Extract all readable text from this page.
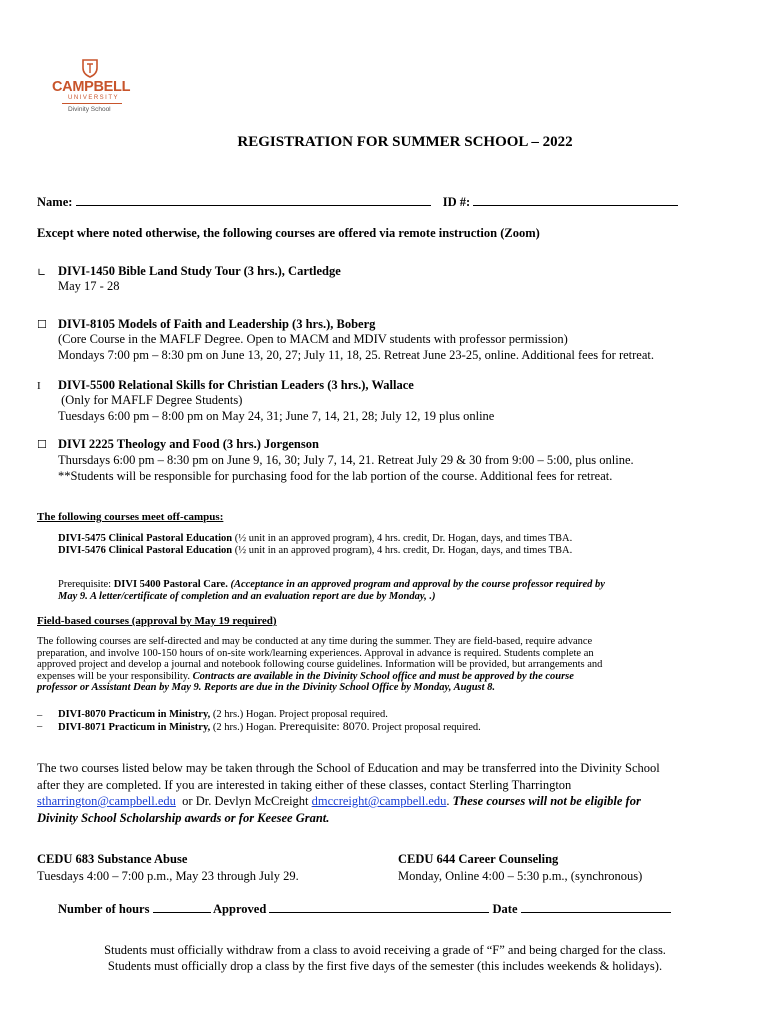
CAMPBELL
UNIVERSITY
Divinity School
REGISTRATION FOR SUMMER SCHOOL – 2022
Name:	ID #:
Except where noted otherwise, the following courses are offered via remote instruction (Zoom)
∟ DIVI-1450 Bible Land Study Tour (3 hrs.), Cartledge
May 17 - 28
☐ DIVI-8105 Models of Faith and Leadership (3 hrs.), Boberg
(Core Course in the MAFLF Degree. Open to MACM and MDIV students with professor permission)
Mondays 7:00 pm – 8:30 pm on June 13, 20, 27; July 11, 18, 25. Retreat June 23-25, online. Additional fees for retreat.
I DIVI-5500 Relational Skills for Christian Leaders (3 hrs.), Wallace
(Only for MAFLF Degree Students)
Tuesdays 6:00 pm – 8:00 pm on May 24, 31; June 7, 14, 21, 28; July 12, 19 plus online
☐ DIVI 2225 Theology and Food (3 hrs.) Jorgenson
Thursdays 6:00 pm – 8:30 pm on June 9, 16, 30; July 7, 14, 21. Retreat July 29 & 30 from 9:00 – 5:00, plus online.
**Students will be responsible for purchasing food for the lab portion of the course. Additional fees for retreat.
The following courses meet off-campus:
DIVI-5475 Clinical Pastoral Education (½ unit in an approved program), 4 hrs. credit, Dr. Hogan, days, and times TBA.
DIVI-5476 Clinical Pastoral Education (½ unit in an approved program), 4 hrs. credit, Dr. Hogan, days, and times TBA.
Prerequisite: DIVI 5400 Pastoral Care. (Acceptance in an approved program and approval by the course professor required by
May 9. A letter/certificate of completion and an evaluation report are due by Monday, .)
Field-based courses (approval by May 19 required)
The following courses are self-directed and may be conducted at any time during the summer. They are field-based, require advance
preparation, and involve 100-150 hours of on-site work/learning experiences. Approval in advance is required. Students complete an
approved project and develop a journal and notebook following course guidelines. Information will be provided, but arrangements and
expenses will be your responsibility. Contracts are available in the Divinity School office and must be approved by the course
professor or Assistant Dean by May 9. Reports are due in the Divinity School Office by Monday, August 8.
– DIVI-8070 Practicum in Ministry, (2 hrs.) Hogan. Project proposal required.
– DIVI-8071 Practicum in Ministry, (2 hrs.) Hogan. Prerequisite: 8070. Project proposal required.
The two courses listed below may be taken through the School of Education and may be transferred into the Divinity School
after they are completed. If you are interested in taking either of these classes, contact Sterling Tharrington
stharrington@campbell.edu  or Dr. Devlyn McCreight dmccreight@campbell.edu. These courses will not be eligible for
Divinity School Scholarship awards or for Keesee Grant.
CEDU 683 Substance Abuse
Tuesdays 4:00 – 7:00 p.m., May 23 through July 29.
CEDU 644 Career Counseling
Monday, Online 4:00 – 5:30 p.m., (synchronous)
Number of hours	Approved	Date
Students must officially withdraw from a class to avoid receiving a grade of “F” and being charged for the class.
Students must officially drop a class by the first five days of the semester (this includes weekends & holidays).
